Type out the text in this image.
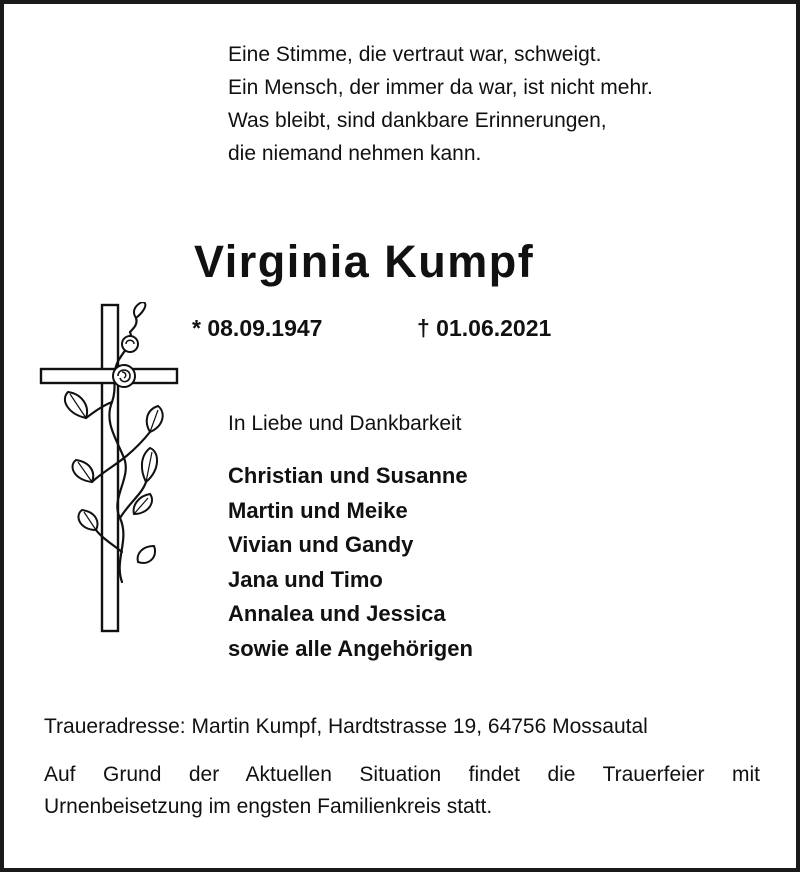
Eine Stimme, die vertraut war, schweigt.
Ein Mensch, der immer da war, ist nicht mehr.
Was bleibt, sind dankbare Erinnerungen,
die niemand nehmen kann.
Virginia Kumpf
* 08.09.1947	† 01.06.2021
In Liebe und Dankbarkeit
Christian und Susanne
Martin und Meike
Vivian und Gandy
Jana und Timo
Annalea und Jessica
sowie alle Angehörigen
Traueradresse: Martin Kumpf, Hardtstrasse 19, 64756 Mossautal
Auf Grund der Aktuellen Situation findet die Trauerfeier mit
Urnenbeisetzung im engsten Familienkreis statt.
